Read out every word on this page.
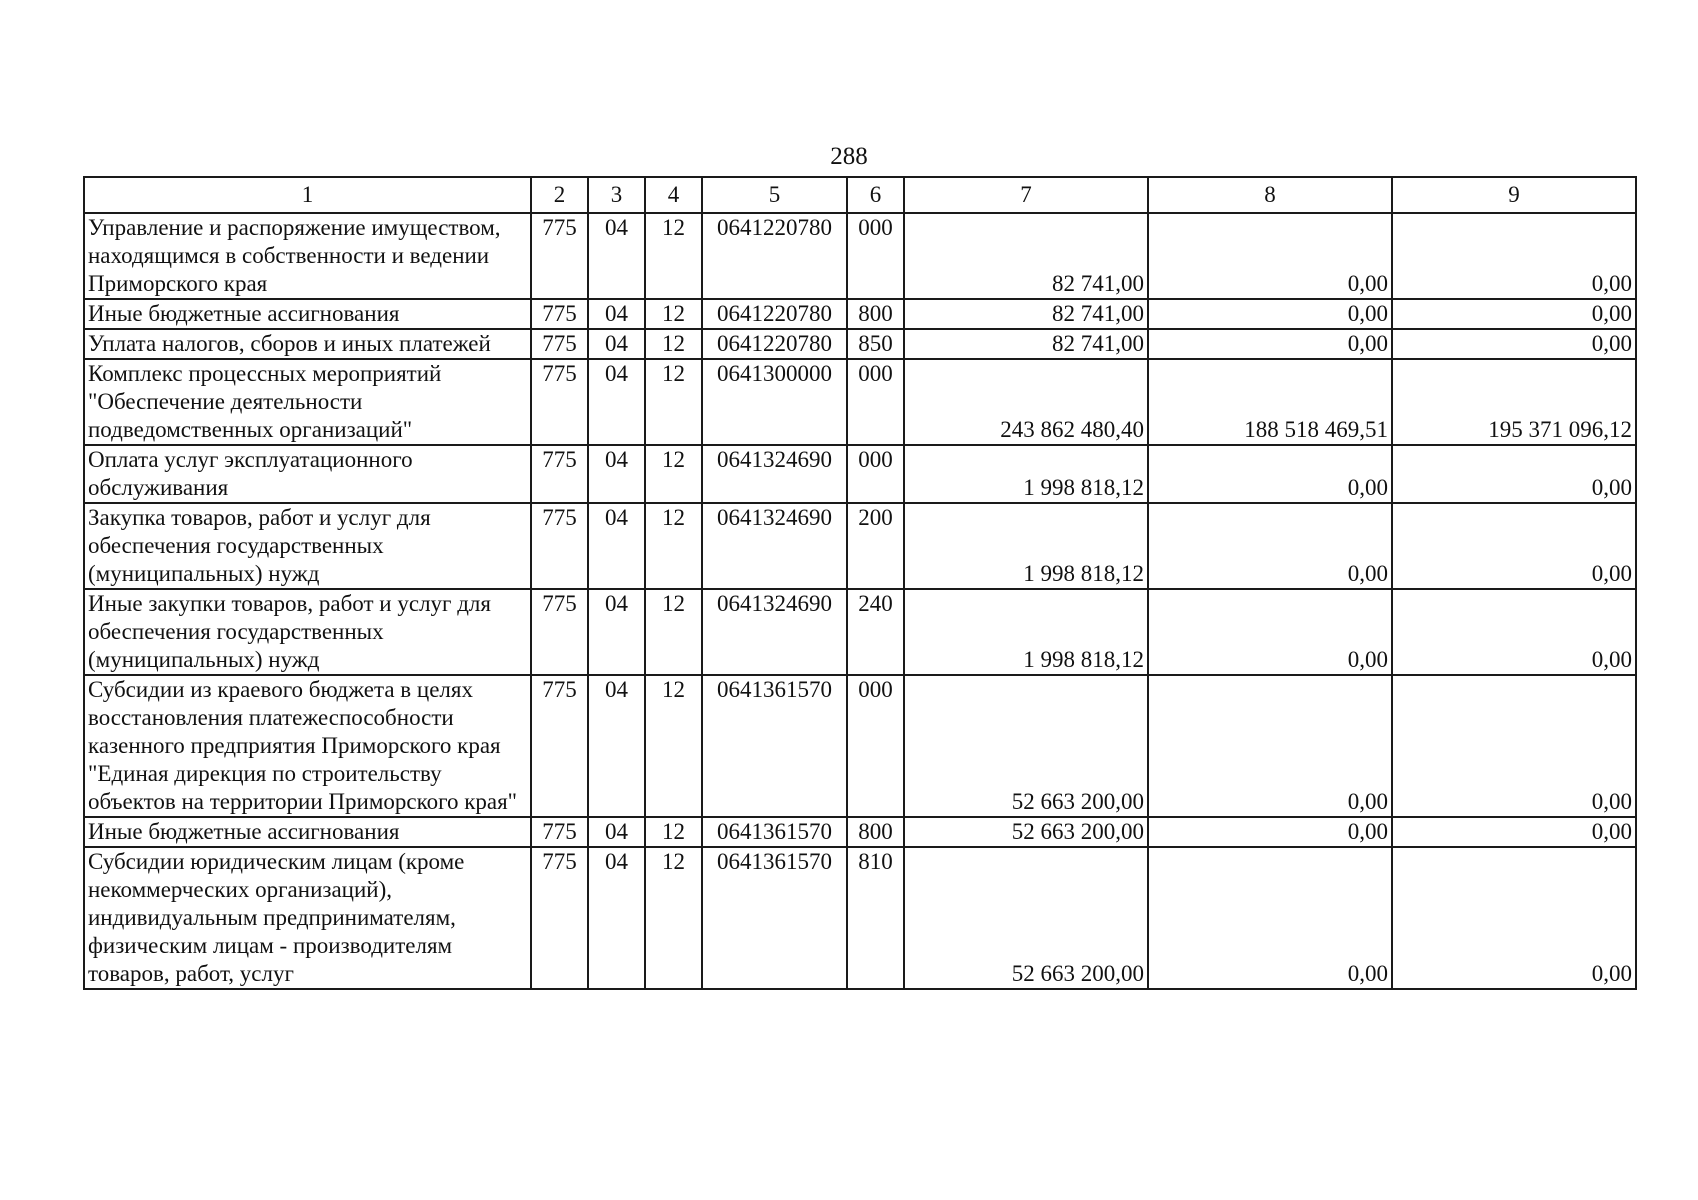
288
1	2	3	4	5	6	7	8	9
Управление и распоряжение имуществом, находящимся в собственности и ведении Приморского края	775	04	12	0641220780	000	82 741,00	0,00	0,00
Иные бюджетные ассигнования	775	04	12	0641220780	800	82 741,00	0,00	0,00
Уплата налогов, сборов и иных платежей	775	04	12	0641220780	850	82 741,00	0,00	0,00
Комплекс процессных мероприятий "Обеспечение деятельности подведомственных организаций"	775	04	12	0641300000	000	243 862 480,40	188 518 469,51	195 371 096,12
Оплата услуг эксплуатационного обслуживания	775	04	12	0641324690	000	1 998 818,12	0,00	0,00
Закупка товаров, работ и услуг для обеспечения государственных (муниципальных) нужд	775	04	12	0641324690	200	1 998 818,12	0,00	0,00
Иные закупки товаров, работ и услуг для обеспечения государственных (муниципальных) нужд	775	04	12	0641324690	240	1 998 818,12	0,00	0,00
Субсидии из краевого бюджета в целях восстановления платежеспособности казенного предприятия Приморского края "Единая дирекция по строительству объектов на территории Приморского края"	775	04	12	0641361570	000	52 663 200,00	0,00	0,00
Иные бюджетные ассигнования	775	04	12	0641361570	800	52 663 200,00	0,00	0,00
Субсидии юридическим лицам (кроме некоммерческих организаций), индивидуальным предпринимателям, физическим лицам - производителям товаров, работ, услуг	775	04	12	0641361570	810	52 663 200,00	0,00	0,00
